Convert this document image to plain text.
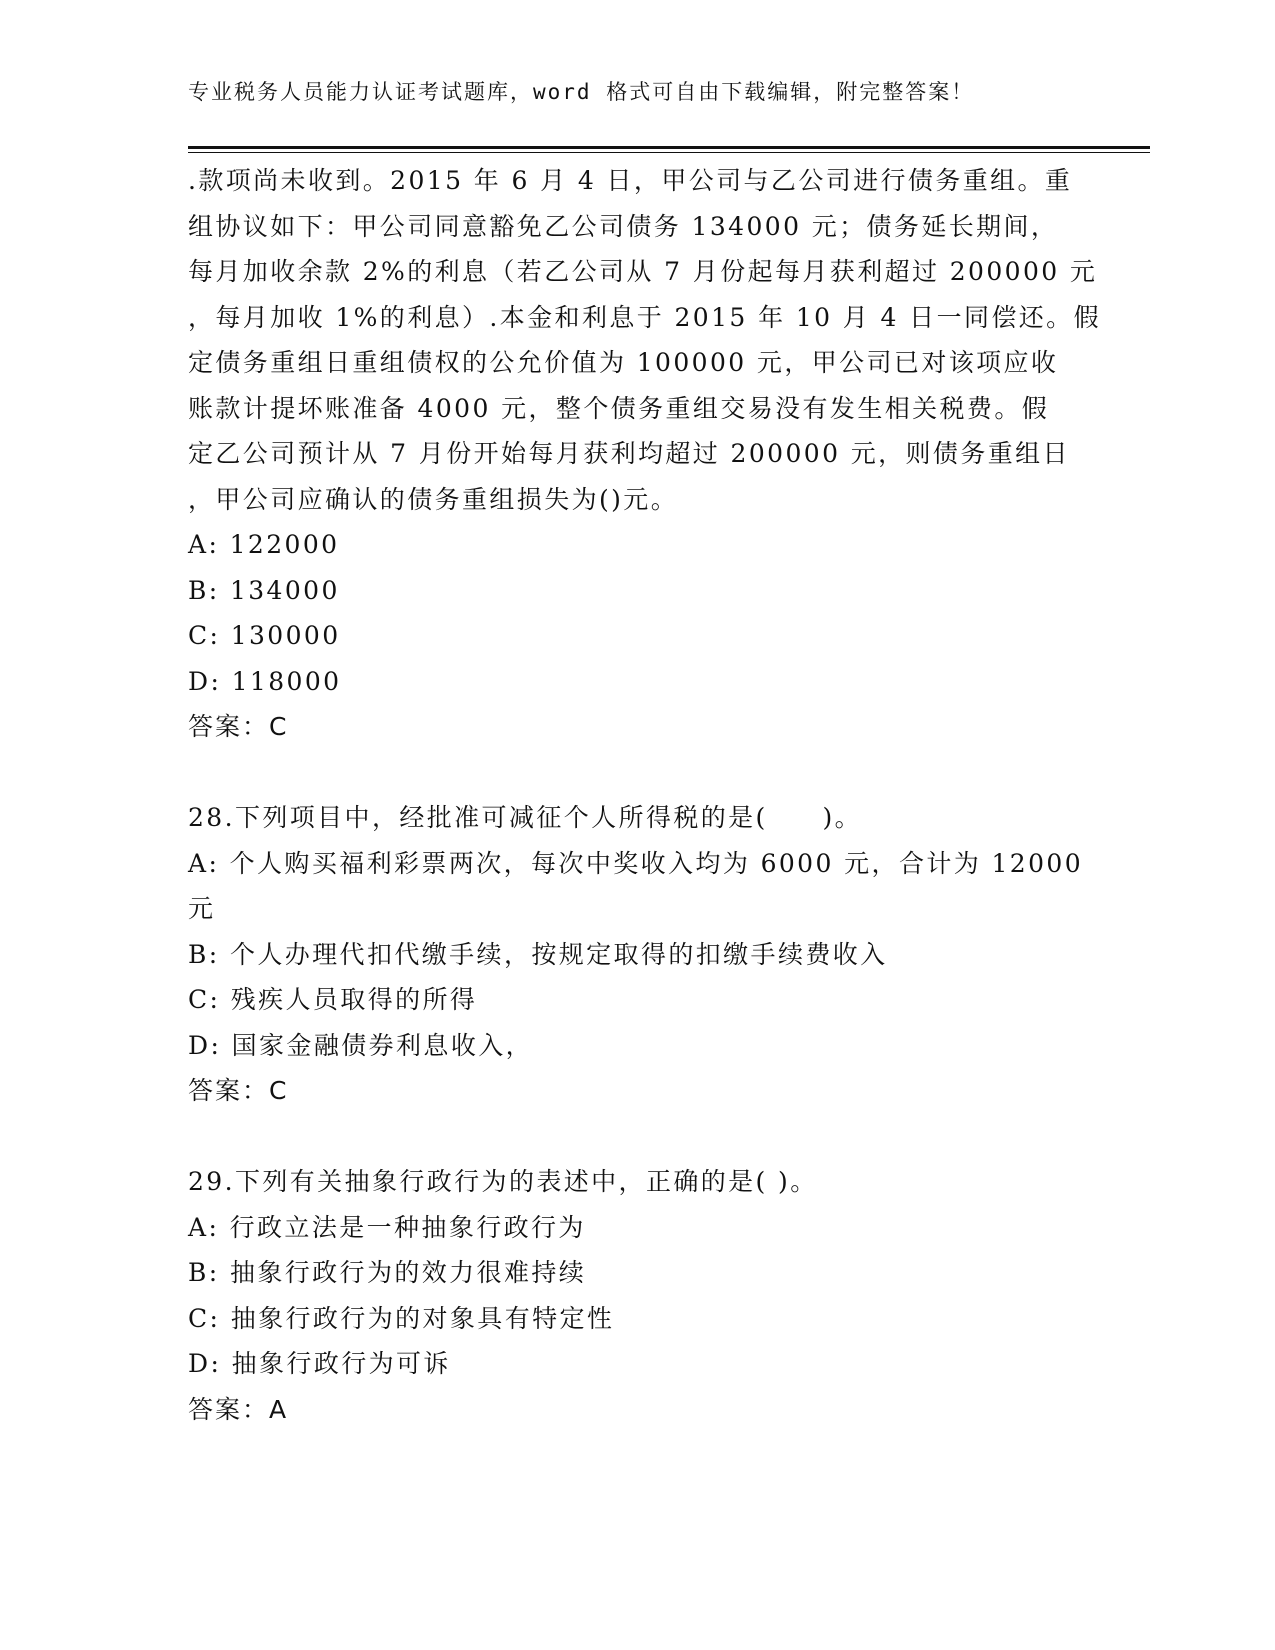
专业税务人员能力认证考试题库，word 格式可自由下载编辑，附完整答案！
.款项尚未收到。2015 年 6 月 4 日，甲公司与乙公司进行债务重组。重
组协议如下：甲公司同意豁免乙公司债务 134000 元；债务延长期间，
每月加收余款 2%的利息（若乙公司从 7 月份起每月获利超过 200000 元
，每月加收 1%的利息）.本金和利息于 2015 年 10 月 4 日一同偿还。假
定债务重组日重组债权的公允价值为 100000 元，甲公司已对该项应收
账款计提坏账准备 4000 元，整个债务重组交易没有发生相关税费。假
定乙公司预计从 7 月份开始每月获利均超过 200000 元，则债务重组日
，甲公司应确认的债务重组损失为()元。
A: 122000
B: 134000
C: 130000
D: 118000
答案：C
28.下列项目中，经批准可减征个人所得税的是(　　)。
A: 个人购买福利彩票两次，每次中奖收入均为 6000 元，合计为 12000
元
B: 个人办理代扣代缴手续，按规定取得的扣缴手续费收入
C: 残疾人员取得的所得
D: 国家金融债券利息收入，
答案：C
29.下列有关抽象行政行为的表述中，正确的是( )。
A: 行政立法是一种抽象行政行为
B: 抽象行政行为的效力很难持续
C: 抽象行政行为的对象具有特定性
D: 抽象行政行为可诉
答案：A
